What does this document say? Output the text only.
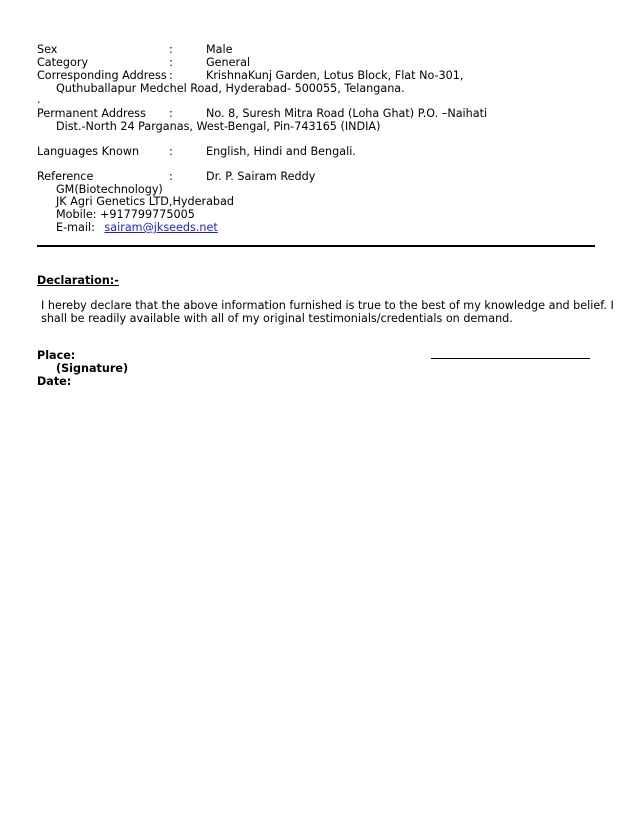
Sex	:	Male
Category	:	General
Corresponding Address :	KrishnaKunj Garden, Lotus Block, Flat No-301,
Quthuballapur Medchel Road, Hyderabad- 500055, Telangana.
.
Permanent Address :	No. 8, Suresh Mitra Road (Loha Ghat) P.O. –Naihati
Dist.-North 24 Parganas, West-Bengal, Pin-743165 (INDIA)
Languages Known	:	English, Hindi and Bengali.
Reference	:	Dr. P. Sairam Reddy
GM(Biotechnology)
JK Agri Genetics LTD,Hyderabad
Mobile: +917799775005
E-mail: sairam@jkseeds.net
Declaration:-
I hereby declare that the above information furnished is true to the best of my knowledge and belief. I
shall be readily available with all of my original testimonials/credentials on demand.
Place:
(Signature)
Date:
